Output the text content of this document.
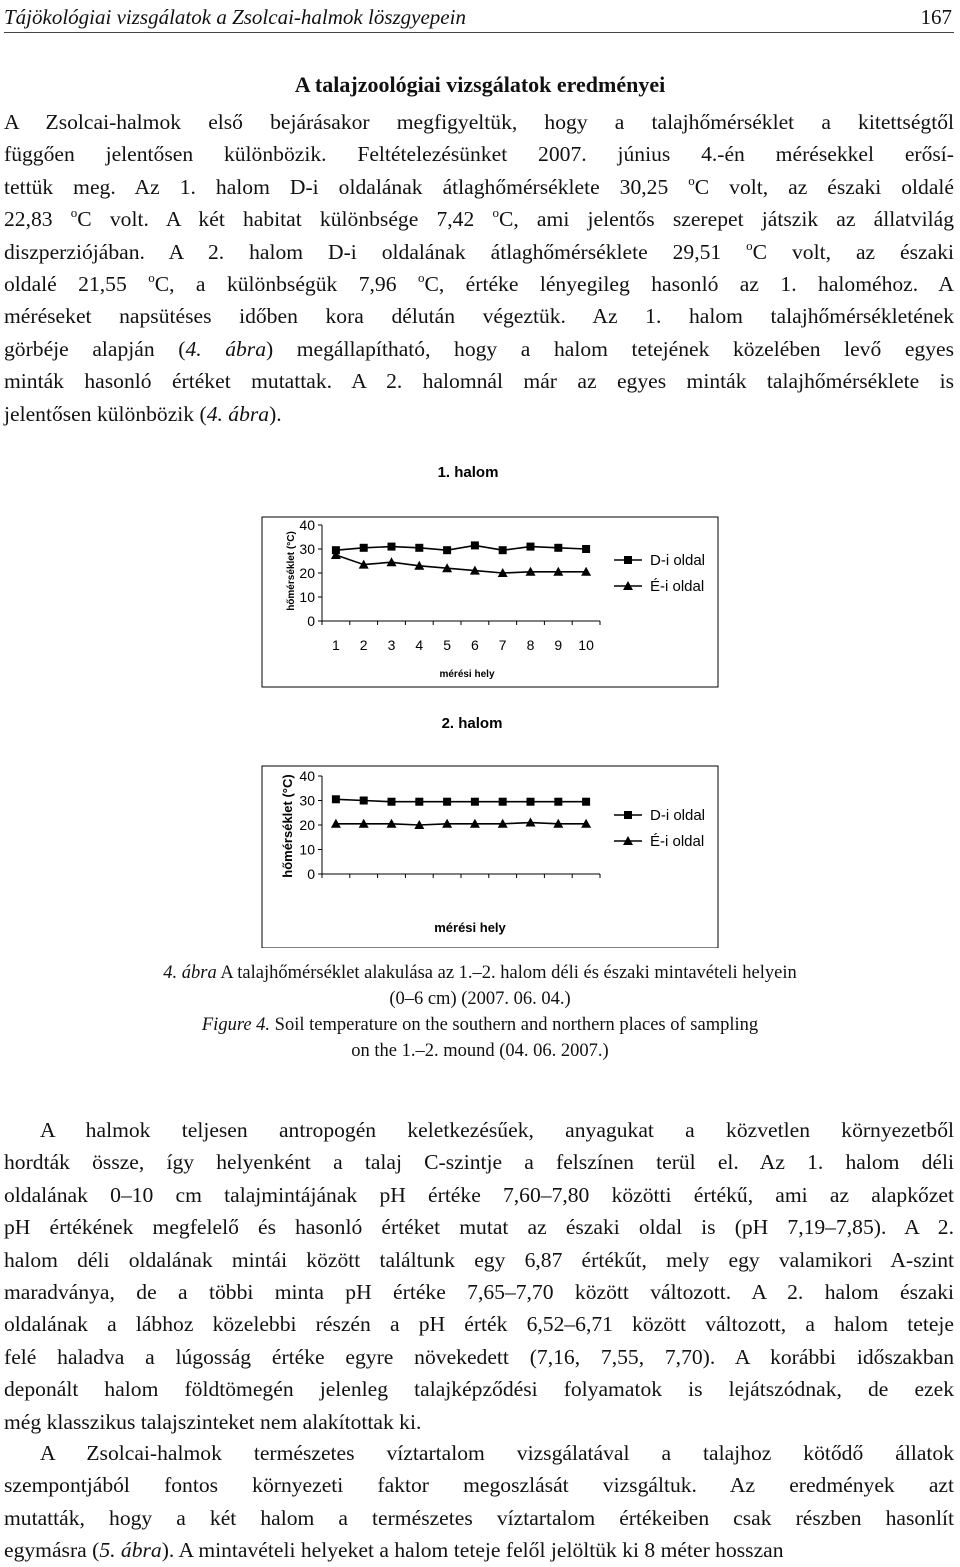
Tájökológiai vizsgálatok a Zsolcai-halmok löszgyepein	167
A talajzoológiai vizsgálatok eredményei
A Zsolcai-halmok első bejárásakor megfigyeltük, hogy a talajhőmérséklet a kitettségtől
függően jelentősen különbözik. Feltételezésünket 2007. június 4.-én mérésekkel erősí-
tettük meg. Az 1. halom D-i oldalának átlaghőmérséklete 30,25 $^o$C volt, az északi oldalé
22,83 $^o$C volt. A két habitat különbsége 7,42 $^o$C, ami jelentős szerepet játszik az állatvilág
diszperziójában. A 2. halom D-i oldalának átlaghőmérséklete 29,51 $^o$C volt, az északi
oldalé 21,55 $^o$C, a különbségük 7,96 $^o$C, értéke lényegileg hasonló az 1. haloméhoz. A
méréseket napsütéses időben kora délután végeztük. Az 1. halom talajhőmérsékletének
görbéje alapján (4. ábra) megállapítható, hogy a halom tetejének közelében levő egyes
minták hasonló értéket mutattak. A 2. halomnál már az egyes minták talajhőmérséklete is
jelentősen különbözik (4. ábra).
1. halom
0
10
20
30
40
1 2 3 4 5 6 7 8 9 10
mérési hely
hőmérséklet (°C)	D-i oldal
É-i oldal
2. halom
0
10
20
30
40
mérési hely
hőmérséklet (°C)	D-i oldal
É-i oldal
4. ábra A talajhőmérséklet alakulása az 1.–2. halom déli és északi mintavételi helyein
(0–6 cm) (2007. 06. 04.)
Figure 4. Soil temperature on the southern and northern places of sampling
on the 1.–2. mound (04. 06. 2007.)
A halmok teljesen antropogén keletkezésűek, anyagukat a közvetlen környezetből
hordták össze, így helyenként a talaj C-szintje a felszínen terül el. Az 1. halom déli
oldalának 0–10 cm talajmintájának pH értéke 7,60–7,80 közötti értékű, ami az alapkőzet
pH értékének megfelelő és hasonló értéket mutat az északi oldal is (pH 7,19–7,85). A 2.
halom déli oldalának mintái között találtunk egy 6,87 értékűt, mely egy valamikori A-szint
maradványa, de a többi minta pH értéke 7,65–7,70 között változott. A 2. halom északi
oldalának a lábhoz közelebbi részén a pH érték 6,52–6,71 között változott, a halom teteje
felé haladva a lúgosság értéke egyre növekedett (7,16, 7,55, 7,70). A korábbi időszakban
deponált halom földtömegén jelenleg talajképződési folyamatok is lejátszódnak, de ezek
még klasszikus talajszinteket nem alakítottak ki.
A Zsolcai-halmok természetes víztartalom vizsgálatával a talajhoz kötődő állatok
szempontjából fontos környezeti faktor megoszlását vizsgáltuk. Az eredmények azt
mutatták, hogy a két halom a természetes víztartalom értékeiben csak részben hasonlít
egymásra (5. ábra). A mintavételi helyeket a halom teteje felől jelöltük ki 8 méter hosszan
